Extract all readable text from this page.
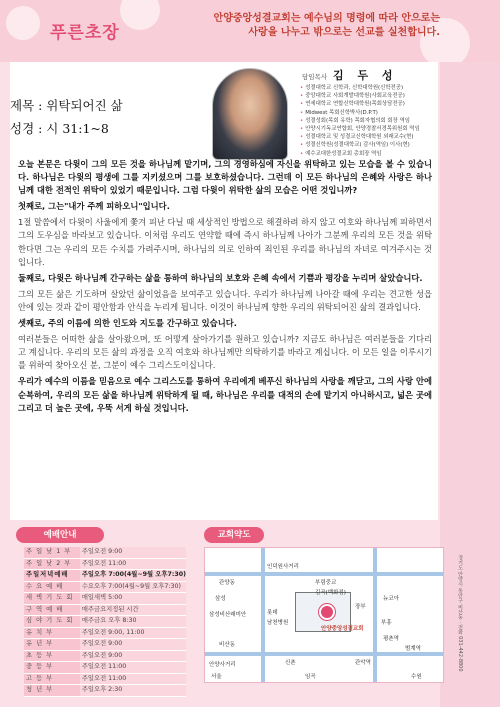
푸른초장
안양중앙성결교회는 예수님의 명령에 따라 안으로는
사랑을 나누고 밖으로는 선교를 실천합니다.
제목 : 위탁되어진 삶
성경 : 시 31:1~8
담임목사 김 두 성
• 성결대학교 신학과, 신학대학원(신학전공)
• 중앙대학교 사회개발대학원(사회교육전공)
• 연세대학교 연합신학대학원(목회상담전공)
• Midwest 목회신학박사(D.P.T)
• 성결성회(목회 유학) 목회자협의회 회장 역임
• 안양시기독교연합회, 안양경찰서경목위원회 역임
• 성결대학교 및 성결교신학대학원 외래교수(현)
• 성결신학원(성결대학교) 감사(역임) 이사(현)
• 예수교대한성결교회 총회장 역임

오늘 본문은 다윗이 그의 모든 것을 하나님께 맡기며, 그의 경영하심에 자신을 위탁하고 있는 모습을 볼 수 있습니다. 하나님은 다윗의 평생에 그를 지키셨으며 그를 보호하셨습니다. 그런데 이 모든 하나님의 은혜와 사랑은 하나님께 대한 전적인 위탁이 있었기 때문입니다. 그럼 다윗이 위탁한 삶의 모습은 어떤 것입니까?

첫째로, 그는"내가 주께 피하오니"입니다.

1절 말씀에서 다윗이 사울에게 쫓겨 피난 다닐 때 세상적인 방법으로 해결하려 하지 않고 여호와 하나님께 피하면서 그의 도우심을 바라보고 있습니다. 이처럼 우리도 연약할 때에 즉시 하나님께 나아가 그분께 우리의 모든 것을 위탁한다면 그는 우리의 모든 수치를 가려주시며, 하나님의 의로 인하여 죄인된 우리를 하나님의 자녀로 여겨주시는 것입니다.

둘째로, 다윗은 하나님께 간구하는 삶을 통하여 하나님의 보호와 은혜 속에서 기쁨과 평강을 누리며 살았습니다.

그의 모든 삶은 기도하며 살았던 삶이었음을 보여주고 있습니다. 우리가 하나님께 나아갈 때에 우리는 견고한 성읍 안에 있는 것과 같이 평안함과 안식을 누리게 됩니다. 이것이 하나님께 향한 우리의 위탁되어진 삶의 결과입니다.

셋째로, 주의 이름에 의한 인도와 지도를 간구하고 있습니다.

여러분들은 어떠한 삶을 살아왔으며, 또 어떻게 살아가기를 원하고 있습니까? 지금도 하나님은 여러분들을 기다리고 계십니다. 우리의 모든 삶의 과정을 오직 여호와 하나님께만 의탁하기를 바라고 계십니다. 이 모든 일을 이루시기를 위하여 찾아오신 분, 그분이 예수 그리스도이십니다.

우리가 예수의 이름을 믿음으로 예수 그리스도를 통하여 우리에게 베푸신 하나님의 사랑을 깨닫고, 그의 사랑 안에 순복하여, 우리의 모든 삶을 하나님께 위탁하게 될 때, 하나님은 우리를 대적의 손에 맡기지 아니하시고, 넓은 곳에 그리고 더 높은 곳에, 우뚝 서게 하실 것입니다.

예배안내
주 일 낮 1 부	주일오전 9:00
주 일 낮 2 부	주일오전 11:00
주일저녁예배	주일오후 7:00(4월~9월 오후7:30)
수 요 예 배	수요오후 7:00(4월~9월 오후7:30)
새 벽 기 도 회	매일새벽 5:00
구 역 예 배	매주금요지정된 시간
심 야 기 도 회	매주금요 오후 8:30
유 치 부	주일오전 9:00, 11:00
유 년 부	주일오전 9:00
초 등 부	주일오전 9:00
중 등 부	주일오전 11:00
고 등 부	주일오전 11:00
청 년 부	주일오후 2:30
교회약도
인덕원사거리
관양동	부림중교
삼성
김곡(백화점)
삼성비산래미안	롯데
남천병원
장부
뉴코아
안양중앙성결교회
부흥
평촌역
범계역
비산동
관악역
신촌
안양사거리
서울	수원
임곡
경기도 안양시 동안구 비산동 · 전화 031-442-8800
